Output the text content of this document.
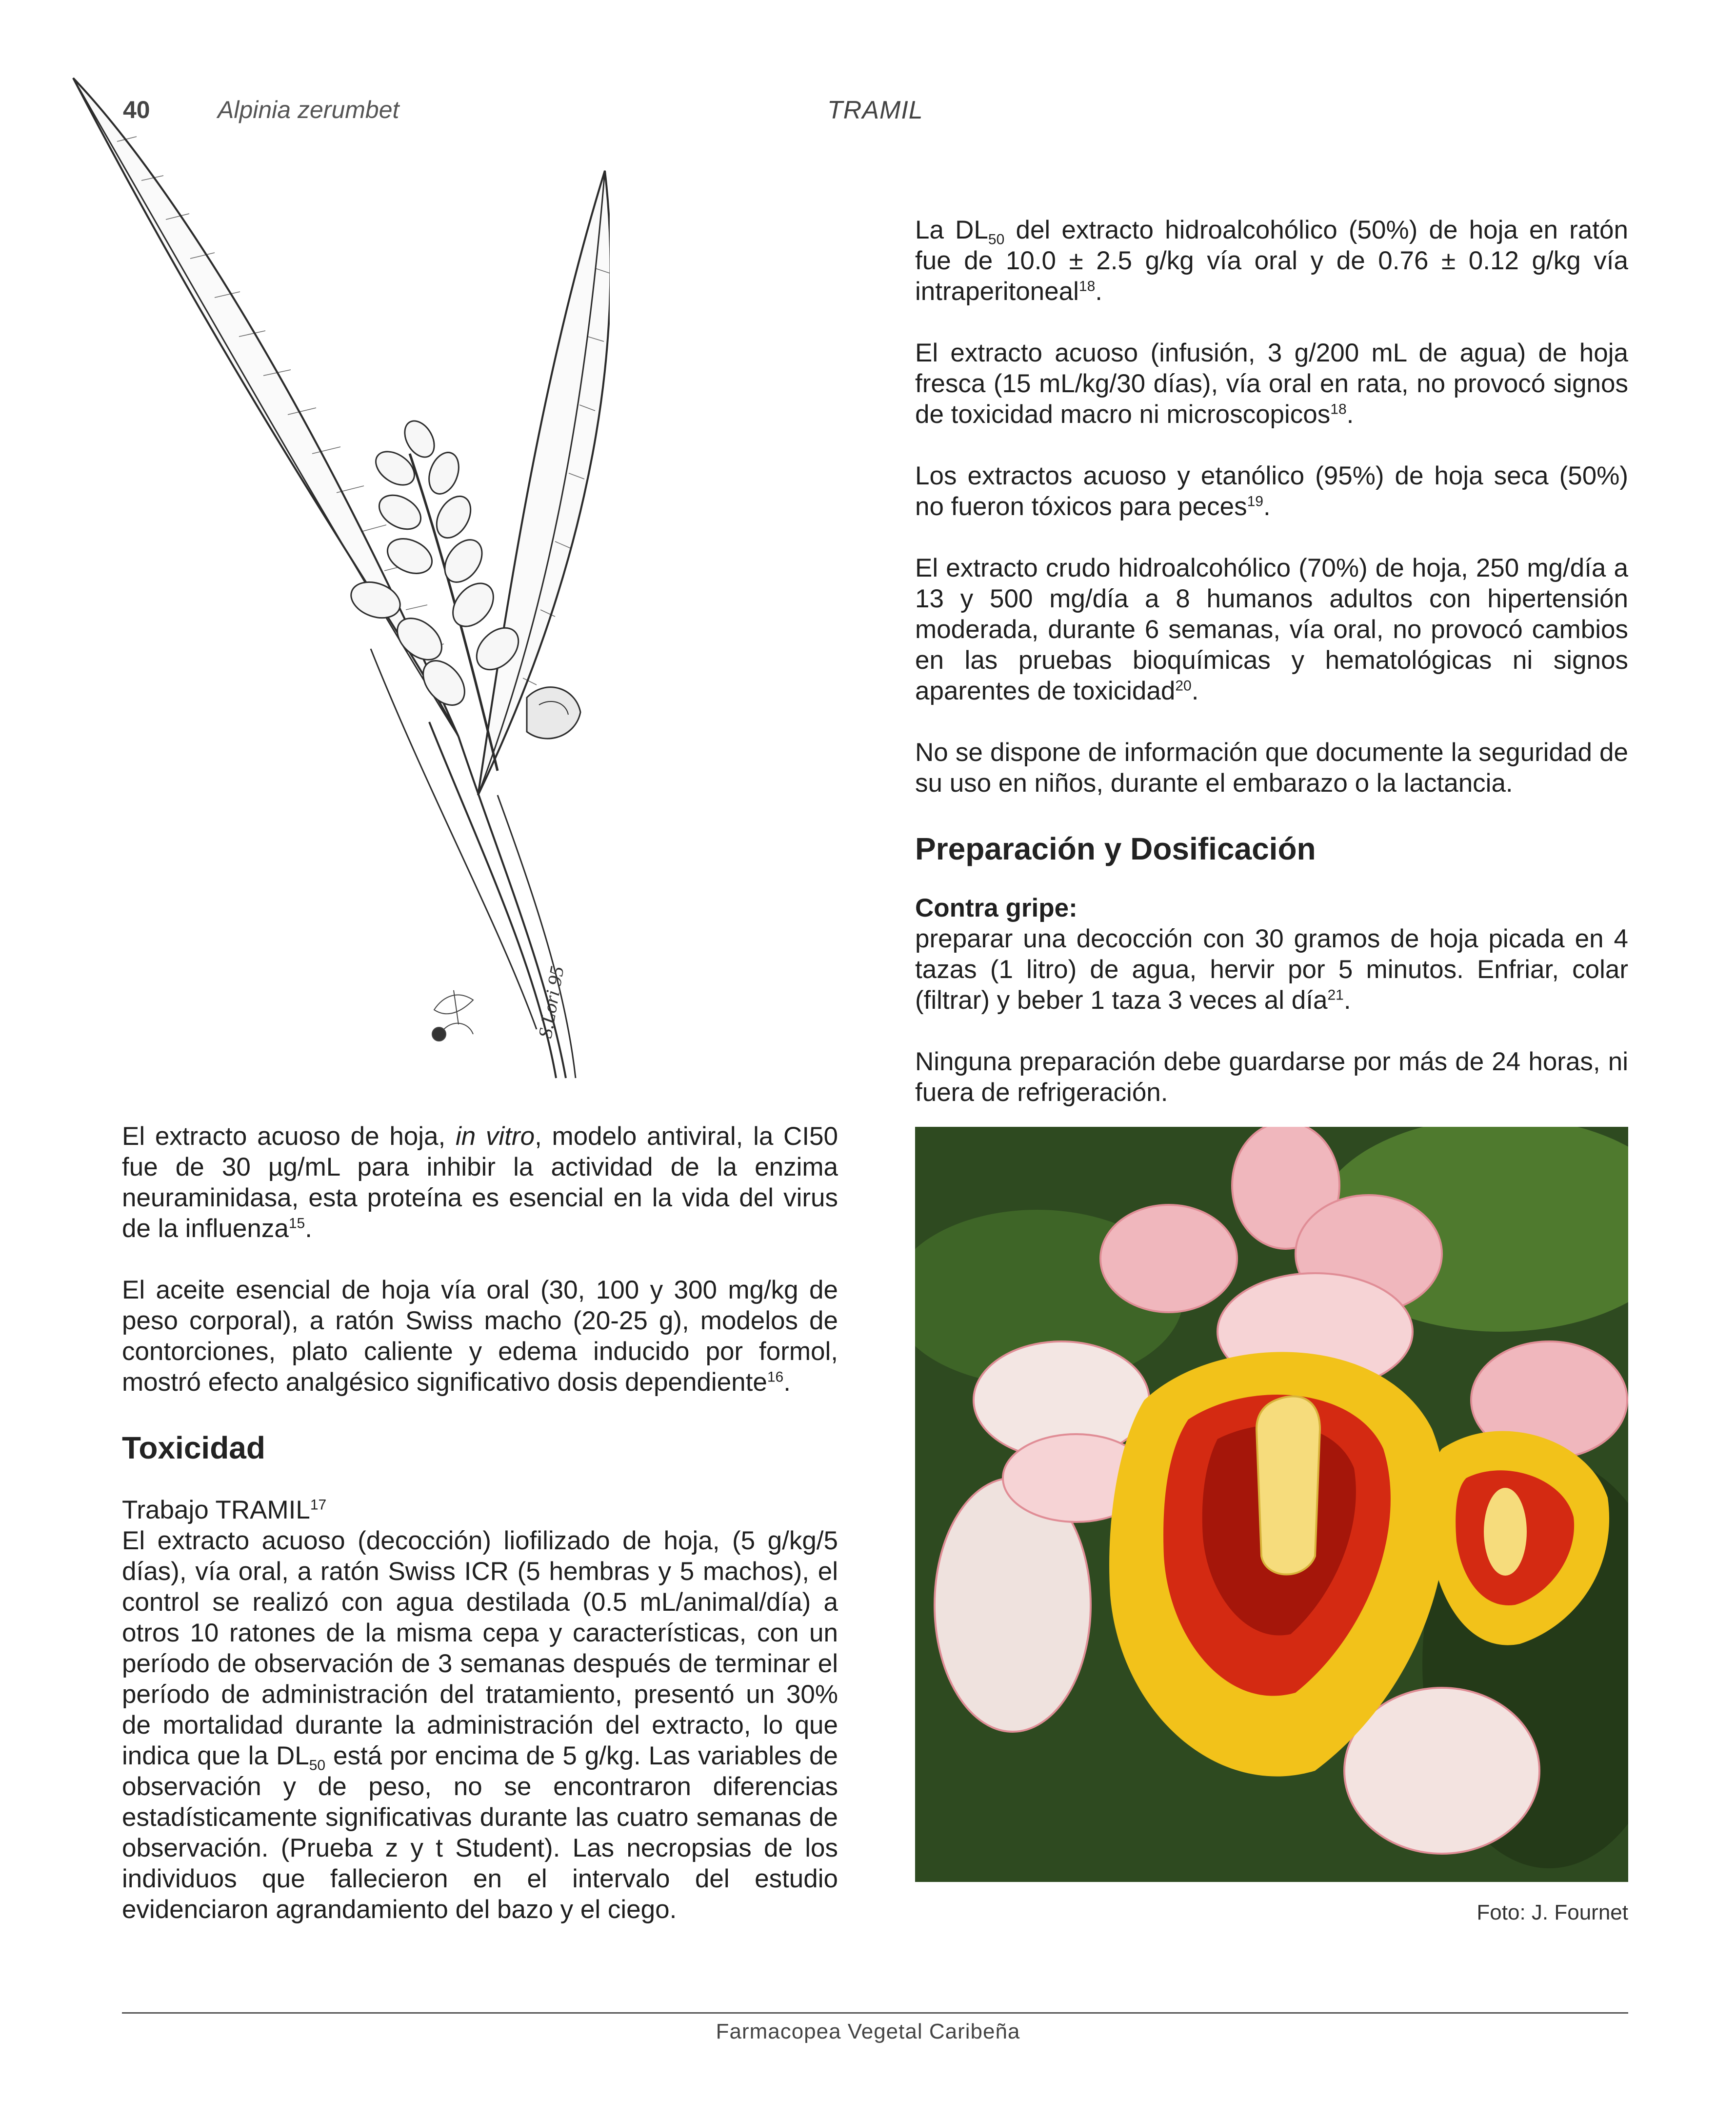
40	Alpinia zerumbet	TRAMIL
S.Lori 95

La $DL_{50}$ del extracto hidroalcohólico (50%) de hoja en ratón fue de 10.0 ± 2.5 g/kg vía oral y de 0.76 ± 0.12 g/kg vía intraperitoneal$^{18}$.

El extracto acuoso (infusión, 3 g/200 mL de agua) de hoja fresca (15 mL/kg/30 días), vía oral en rata, no provocó signos de toxicidad macro ni microscopicos$^{18}$.

Los extractos acuoso y etanólico (95%) de hoja seca (50%) no fueron tóxicos para peces$^{19}$.

El extracto crudo hidroalcohólico (70%) de hoja, 250 mg/día a 13 y 500 mg/día a 8 humanos adultos con hipertensión moderada, durante 6 semanas, vía oral, no provocó cambios en las pruebas bioquímicas y hematológicas ni signos aparentes de toxicidad$^{20}$.

No se dispone de información que documente la seguridad de su uso en niños, durante el embarazo o la lactancia.

Preparación y Dosificación

Contra gripe:
preparar una decocción con 30 gramos de hoja picada en 4 tazas (1 litro) de agua, hervir por 5 minutos. Enfriar, colar (filtrar) y beber 1 taza 3 veces al día$^{21}$.

Ninguna preparación debe guardarse por más de 24 horas, ni fuera de refrigeración.

El extracto acuoso de hoja, in vitro, modelo antiviral, la CI50 fue de 30 µg/mL para inhibir la actividad de la enzima neuraminidasa, esta proteína es esencial en la vida del virus de la influenza$^{15}$.

El aceite esencial de hoja vía oral (30, 100 y 300 mg/kg de peso corporal), a ratón Swiss macho (20-25 g), modelos de contorciones, plato caliente y edema inducido por formol, mostró efecto analgésico significativo dosis dependiente$^{16}$.

Toxicidad

Trabajo TRAMIL$^{17}$
El extracto acuoso (decocción) liofilizado de hoja, (5 g/kg/5 días), vía oral, a ratón Swiss ICR (5 hembras y 5 machos), el control se realizó con agua destilada (0.5 mL/animal/día) a otros 10 ratones de la misma cepa y características, con un período de observación de 3 semanas después de terminar el período de administración del tratamiento, presentó un 30% de mortalidad durante la administración del extracto, lo que indica que la $DL_{50}$ está por encima de 5 g/kg. Las variables de observación y de peso, no se encontraron diferencias estadísticamente significativas durante las cuatro semanas de observación. (Prueba z y t Student). Las necropsias de los individuos que fallecieron en el intervalo del estudio evidenciaron agrandamiento del bazo y el ciego.	Foto: J. Fournet
Farmacopea Vegetal Caribeña
